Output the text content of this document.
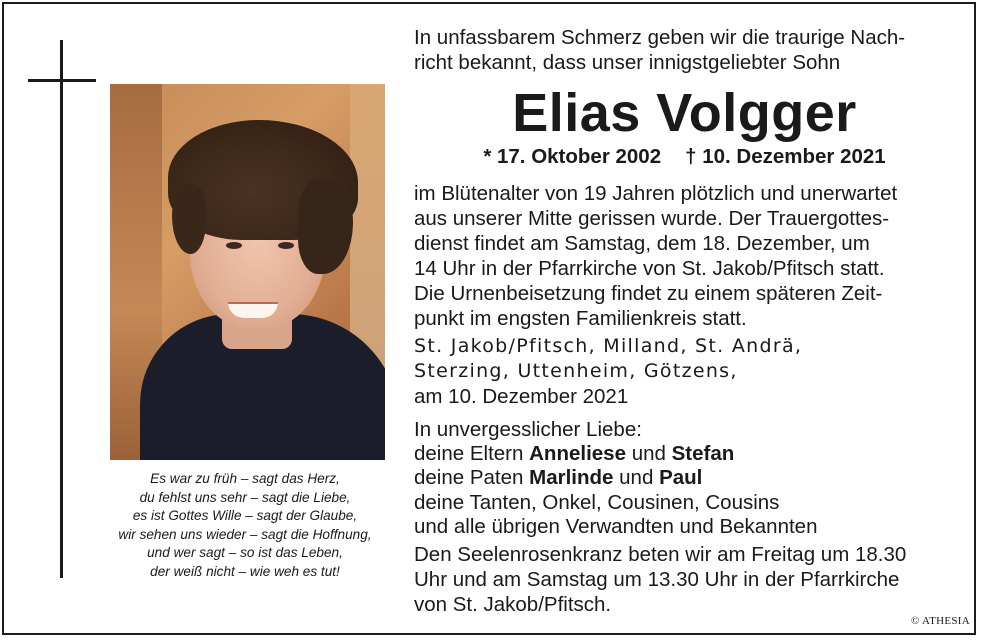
Es war zu früh – sagt das Herz,
du fehlst uns sehr – sagt die Liebe,
es ist Gottes Wille – sagt der Glaube,
wir sehen uns wieder – sagt die Hoffnung,
und wer sagt – so ist das Leben,
der weiß nicht – wie weh es tut!
In unfassbarem Schmerz geben wir die traurige Nach-
richt bekannt, dass unser innigstgeliebter Sohn
Elias Volgger
* 17. Oktober 2002 † 10. Dezember 2021
im Blütenalter von 19 Jahren plötzlich und unerwartet
aus unserer Mitte gerissen wurde. Der Trauergottes-
dienst findet am Samstag, dem 18. Dezember, um
14 Uhr in der Pfarrkirche von St. Jakob/Pfitsch statt.
Die Urnenbeisetzung findet zu einem späteren Zeit-
punkt im engsten Familienkreis statt.
St. Jakob/Pfitsch, Milland, St. Andrä,
Sterzing, Uttenheim, Götzens,
am 10. Dezember 2021
In unvergesslicher Liebe:
deine Eltern Anneliese und Stefan
deine Paten Marlinde und Paul
deine Tanten, Onkel, Cousinen, Cousins
und alle übrigen Verwandten und Bekannten
Den Seelenrosenkranz beten wir am Freitag um 18.30
Uhr und am Samstag um 13.30 Uhr in der Pfarrkirche
von St. Jakob/Pfitsch.
© ATHESIA
